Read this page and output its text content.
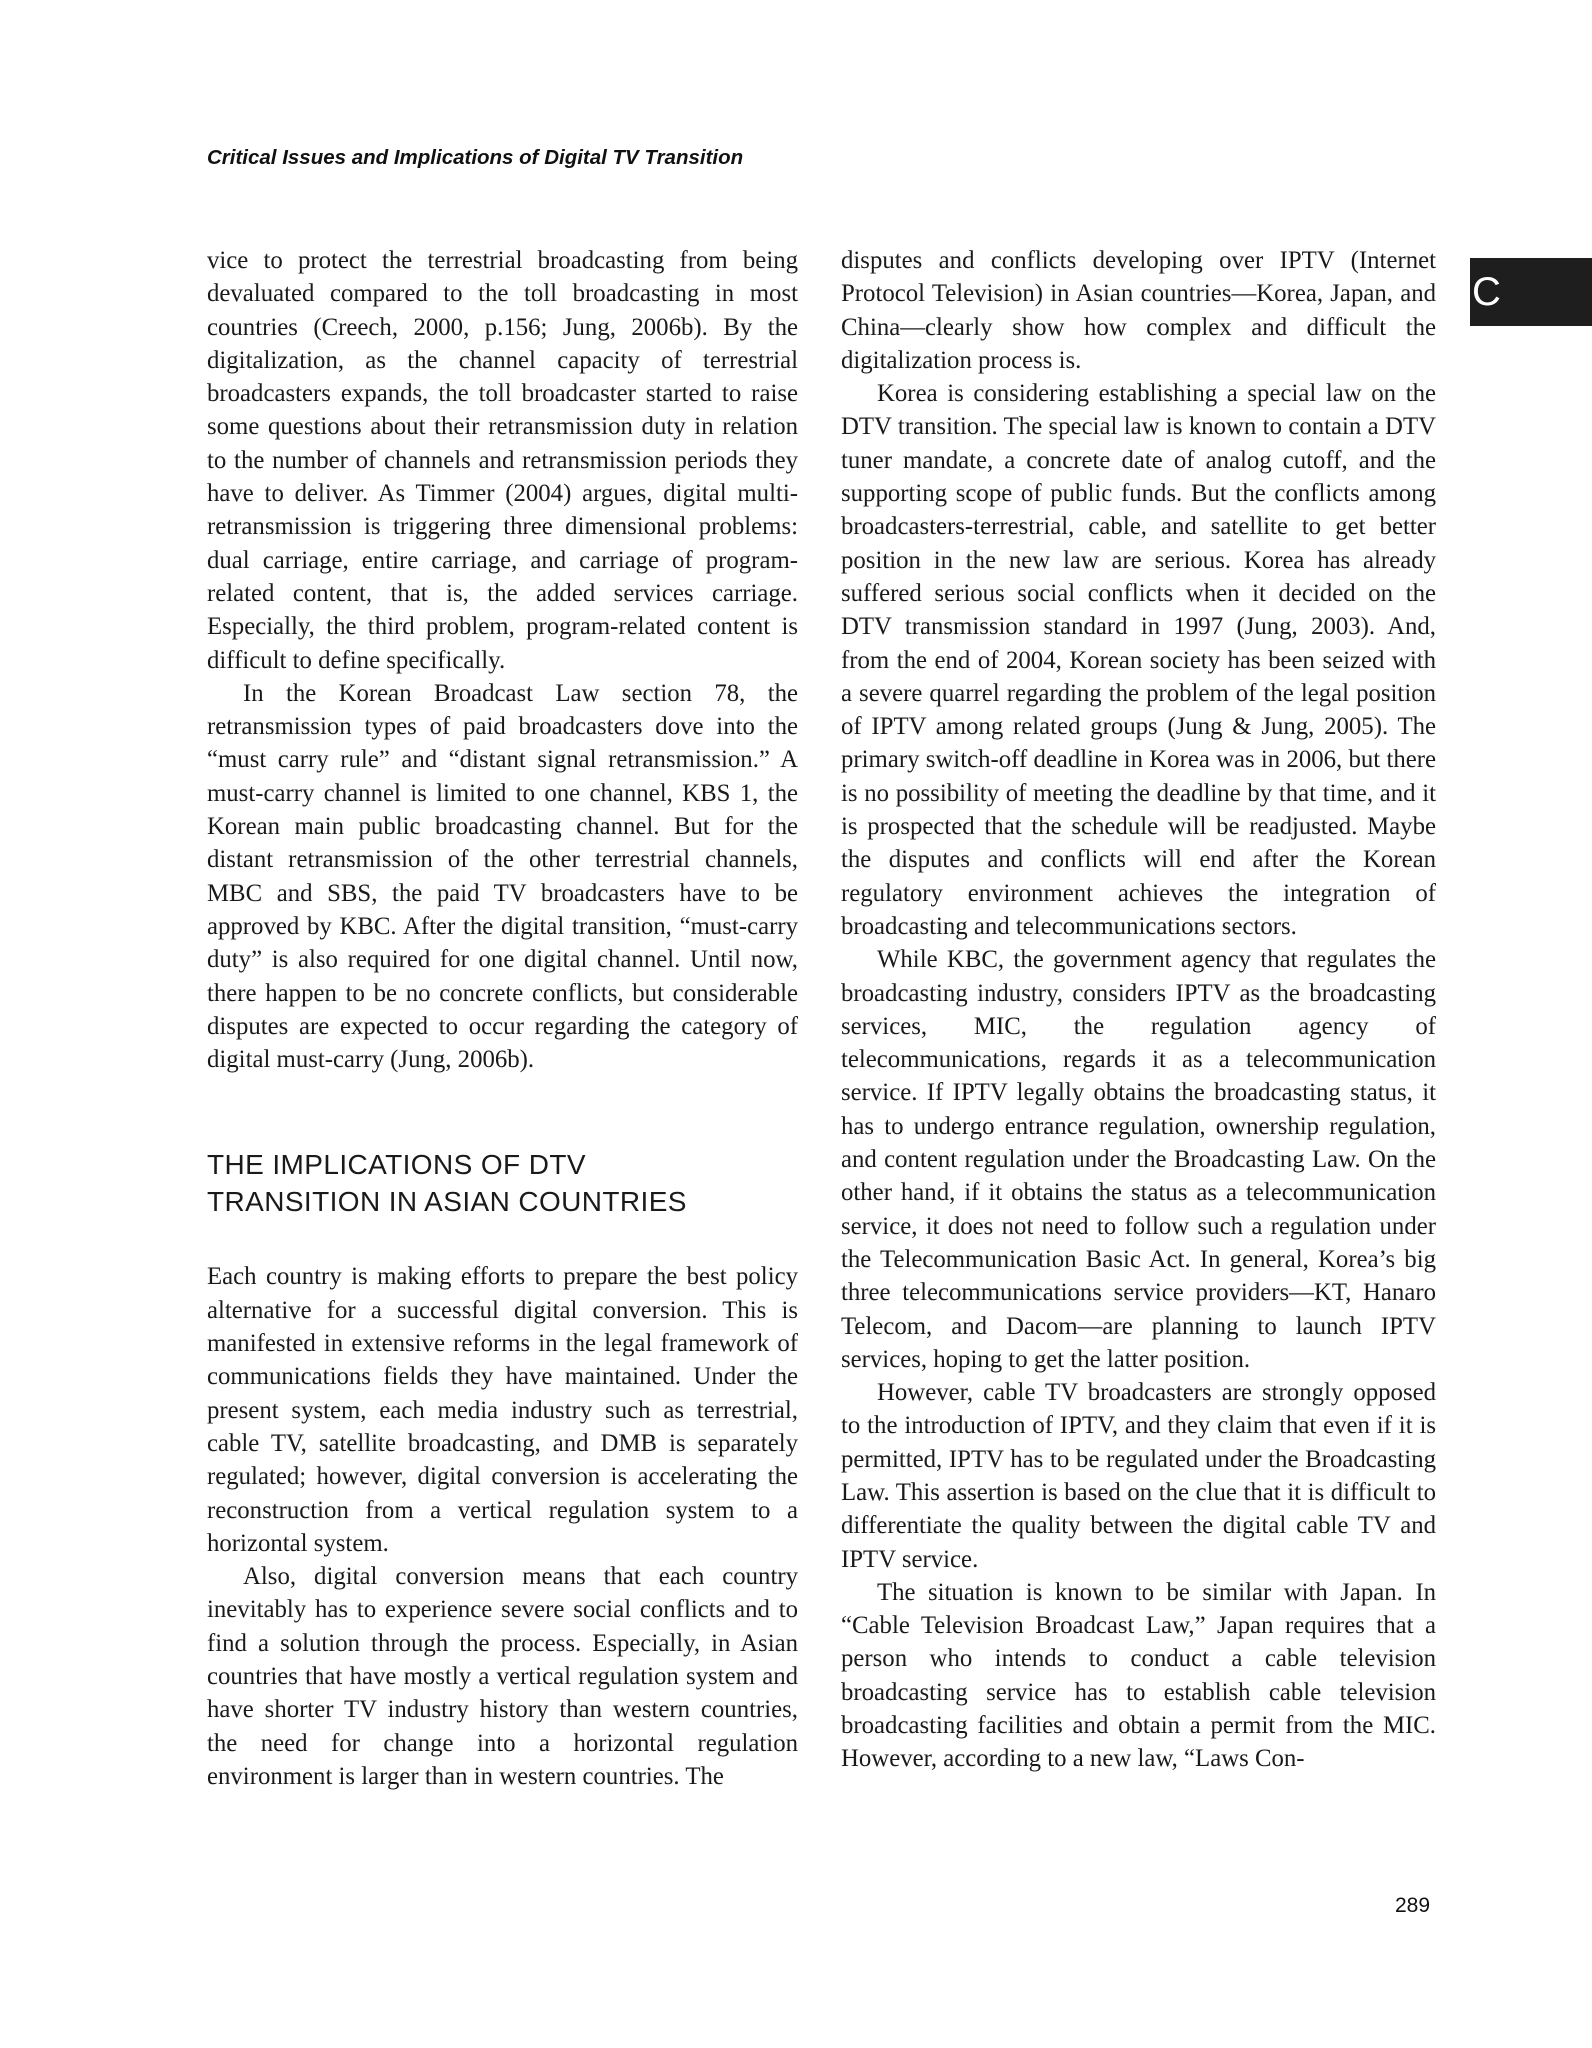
Critical Issues and Implications of Digital TV Transition
C

vice to protect the terrestrial broadcasting from being devaluated compared to the toll broadcasting in most countries (Creech, 2000, p.156; Jung, 2006b). By the digitalization, as the channel capacity of terrestrial broadcasters expands, the toll broadcaster started to raise some questions about their retransmission duty in relation to the number of channels and retransmission periods they have to deliver. As Timmer (2004) argues, digital multi-retransmission is triggering three dimensional problems: dual carriage, entire carriage, and carriage of program-related content, that is, the added services carriage. Especially, the third problem, program-related content is difficult to define specifically.

In the Korean Broadcast Law section 78, the retransmission types of paid broadcasters dove into the “must carry rule” and “distant signal retransmission.” A must-carry channel is limited to one channel, KBS 1, the Korean main public broadcasting channel. But for the distant retransmission of the other terrestrial channels, MBC and SBS, the paid TV broadcasters have to be approved by KBC. After the digital transition, “must-carry duty” is also required for one digital channel. Until now, there happen to be no concrete conflicts, but considerable disputes are expected to occur regarding the category of digital must-carry (Jung, 2006b).

THE IMPLICATIONS OF DTV
TRANSITION IN ASIAN COUNTRIES

Each country is making efforts to prepare the best policy alternative for a successful digital conversion. This is manifested in extensive reforms in the legal framework of communications fields they have maintained. Under the present system, each media industry such as terrestrial, cable TV, satellite broadcasting, and DMB is separately regulated; however, digital conversion is accelerating the reconstruction from a vertical regulation system to a horizontal system.

Also, digital conversion means that each country inevitably has to experience severe social conflicts and to find a solution through the process. Especially, in Asian countries that have mostly a vertical regulation system and have shorter TV industry history than western countries, the need for change into a horizontal regulation environment is larger than in western countries. The

disputes and conflicts developing over IPTV (Internet Protocol Television) in Asian countries—Korea, Japan, and China—clearly show how complex and difficult the digitalization process is.

Korea is considering establishing a special law on the DTV transition. The special law is known to contain a DTV tuner mandate, a concrete date of analog cutoff, and the supporting scope of public funds. But the conflicts among broadcasters-terrestrial, cable, and satellite to get better position in the new law are serious. Korea has already suffered serious social conflicts when it decided on the DTV transmission standard in 1997 (Jung, 2003). And, from the end of 2004, Korean society has been seized with a severe quarrel regarding the problem of the legal position of IPTV among related groups (Jung & Jung, 2005). The primary switch-off deadline in Korea was in 2006, but there is no possibility of meeting the deadline by that time, and it is prospected that the schedule will be readjusted. Maybe the disputes and conflicts will end after the Korean regulatory environment achieves the integration of broadcasting and telecommunications sectors.

While KBC, the government agency that regulates the broadcasting industry, considers IPTV as the broadcasting services, MIC, the regulation agency of telecommunications, regards it as a telecommunication service. If IPTV legally obtains the broadcasting status, it has to undergo entrance regulation, ownership regulation, and content regulation under the Broadcasting Law. On the other hand, if it obtains the status as a telecommunication service, it does not need to follow such a regulation under the Telecommunication Basic Act. In general, Korea’s big three telecommunications service providers—KT, Hanaro Telecom, and Dacom—are planning to launch IPTV services, hoping to get the latter position.

However, cable TV broadcasters are strongly opposed to the introduction of IPTV, and they claim that even if it is permitted, IPTV has to be regulated under the Broadcasting Law. This assertion is based on the clue that it is difficult to differentiate the quality between the digital cable TV and IPTV service.

The situation is known to be similar with Japan. In “Cable Television Broadcast Law,” Japan requires that a person who intends to conduct a cable television broadcasting service has to establish cable television broadcasting facilities and obtain a permit from the MIC. However, according to a new law, “Laws Con-

289
